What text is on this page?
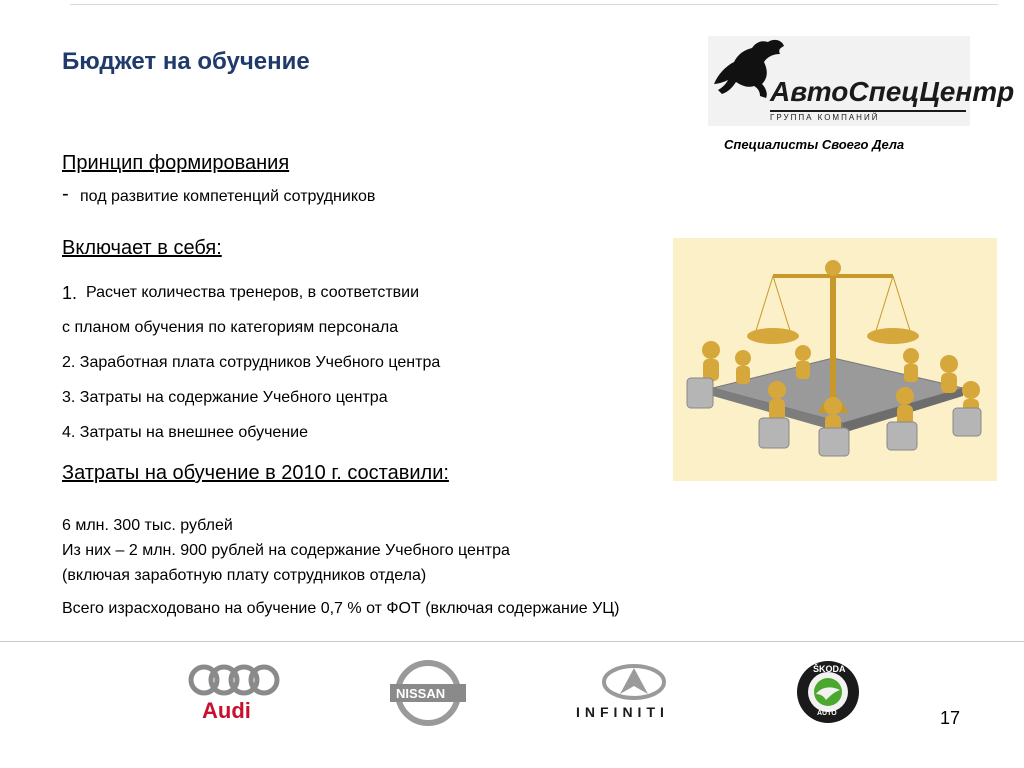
Бюджет на обучение
АвтоСпецЦентр
ГРУППА КОМПАНИЙ
Специалисты Своего Дела
Принцип формирования
- под развитие компетенций сотрудников
Включает в себя:
1. Расчет количества тренеров, в соответствии
с планом обучения по категориям персонала
2. Заработная плата сотрудников Учебного центра
3. Затраты на содержание Учебного центра
4. Затраты на внешнее обучение
Затраты на обучение в 2010 г. составили:
6 млн. 300 тыс. рублей
Из них – 2 млн. 900 рублей на содержание Учебного центра
(включая заработную плату сотрудников отдела)
Всего израсходовано на обучение 0,7 % от ФОТ (включая содержание УЦ)
Audi
NISSAN
INFINITI
ŠKODA
AUTO	17
